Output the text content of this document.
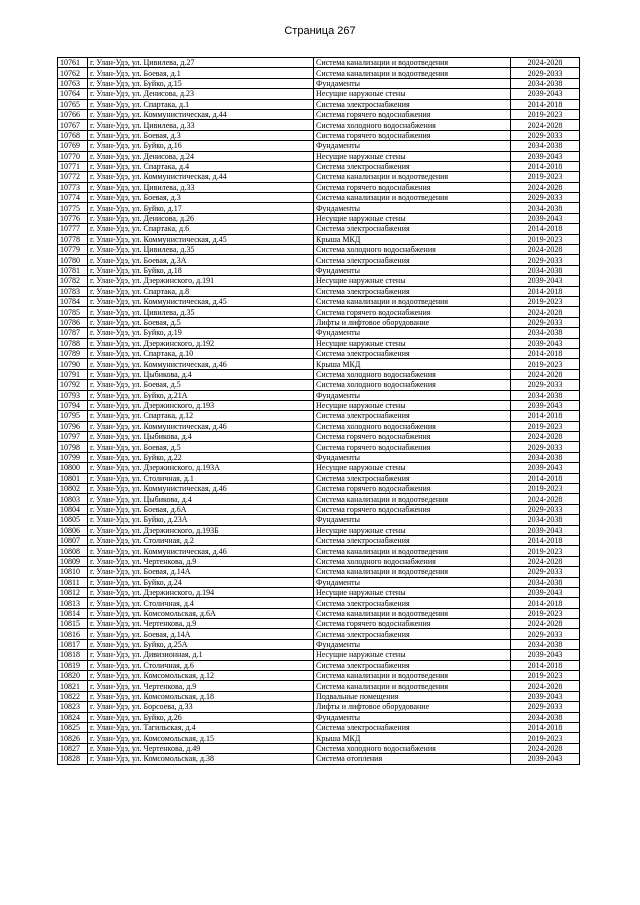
Страница 267
10761	г. Улан-Удэ, ул. Цивилева, д.27	Система канализации и водоотведения	2024-2028
10762	г. Улан-Удэ, ул. Боевая, д.1	Система канализации и водоотведения	2029-2033
10763	г. Улан-Удэ, ул. Буйко, д.15	Фундаменты	2034-2038
10764	г. Улан-Удэ, ул. Денисова, д.23	Несущие наружные стены	2039-2043
10765	г. Улан-Удэ, ул. Спартака, д.1	Система электроснабжения	2014-2018
10766	г. Улан-Удэ, ул. Коммунистическая, д.44	Система горячего водоснабжения	2019-2023
10767	г. Улан-Удэ, ул. Цивилева, д.33	Система холодного водоснабжения	2024-2028
10768	г. Улан-Удэ, ул. Боевая, д.3	Система горячего водоснабжения	2029-2033
10769	г. Улан-Удэ, ул. Буйко, д.16	Фундаменты	2034-2038
10770	г. Улан-Удэ, ул. Денисова, д.24	Несущие наружные стены	2039-2043
10771	г. Улан-Удэ, ул. Спартака, д.4	Система электроснабжения	2014-2018
10772	г. Улан-Удэ, ул. Коммунистическая, д.44	Система канализации и водоотведения	2019-2023
10773	г. Улан-Удэ, ул. Цивилева, д.33	Система горячего водоснабжения	2024-2028
10774	г. Улан-Удэ, ул. Боевая, д.3	Система канализации и водоотведения	2029-2033
10775	г. Улан-Удэ, ул. Буйко, д.17	Фундаменты	2034-2038
10776	г. Улан-Удэ, ул. Денисова, д.26	Несущие наружные стены	2039-2043
10777	г. Улан-Удэ, ул. Спартака, д.6	Система электроснабжения	2014-2018
10778	г. Улан-Удэ, ул. Коммунистическая, д.45	Крыша МКД	2019-2023
10779	г. Улан-Удэ, ул. Цивилева, д.35	Система холодного водоснабжения	2024-2028
10780	г. Улан-Удэ, ул. Боевая, д.3А	Система электроснабжения	2029-2033
10781	г. Улан-Удэ, ул. Буйко, д.18	Фундаменты	2034-2038
10782	г. Улан-Удэ, ул. Дзержинского, д.191	Несущие наружные стены	2039-2043
10783	г. Улан-Удэ, ул. Спартака, д.8	Система электроснабжения	2014-2018
10784	г. Улан-Удэ, ул. Коммунистическая, д.45	Система канализации и водоотведения	2019-2023
10785	г. Улан-Удэ, ул. Цивилева, д.35	Система горячего водоснабжения	2024-2028
10786	г. Улан-Удэ, ул. Боевая, д.5	Лифты и лифтовое оборудование	2029-2033
10787	г. Улан-Удэ, ул. Буйко, д.19	Фундаменты	2034-2038
10788	г. Улан-Удэ, ул. Дзержинского, д.192	Несущие наружные стены	2039-2043
10789	г. Улан-Удэ, ул. Спартака, д.10	Система электроснабжения	2014-2018
10790	г. Улан-Удэ, ул. Коммунистическая, д.46	Крыша МКД	2019-2023
10791	г. Улан-Удэ, ул. Цыбикова, д.4	Система холодного водоснабжения	2024-2028
10792	г. Улан-Удэ, ул. Боевая, д.5	Система холодного водоснабжения	2029-2033
10793	г. Улан-Удэ, ул. Буйко, д.21А	Фундаменты	2034-2038
10794	г. Улан-Удэ, ул. Дзержинского, д.193	Несущие наружные стены	2039-2043
10795	г. Улан-Удэ, ул. Спартака, д.12	Система электроснабжения	2014-2018
10796	г. Улан-Удэ, ул. Коммунистическая, д.46	Система холодного водоснабжения	2019-2023
10797	г. Улан-Удэ, ул. Цыбикова, д.4	Система горячего водоснабжения	2024-2028
10798	г. Улан-Удэ, ул. Боевая, д.5	Система горячего водоснабжения	2029-2033
10799	г. Улан-Удэ, ул. Буйко, д.22	Фундаменты	2034-2038
10800	г. Улан-Удэ, ул. Дзержинского, д.193А	Несущие наружные стены	2039-2043
10801	г. Улан-Удэ, ул. Столичная, д.1	Система электроснабжения	2014-2018
10802	г. Улан-Удэ, ул. Коммунистическая, д.46	Система горячего водоснабжения	2019-2023
10803	г. Улан-Удэ, ул. Цыбикова, д.4	Система канализации и водоотведения	2024-2028
10804	г. Улан-Удэ, ул. Боевая, д.6А	Система горячего водоснабжения	2029-2033
10805	г. Улан-Удэ, ул. Буйко, д.23А	Фундаменты	2034-2038
10806	г. Улан-Удэ, ул. Дзержинского, д.193Б	Несущие наружные стены	2039-2043
10807	г. Улан-Удэ, ул. Столичная, д.2	Система электроснабжения	2014-2018
10808	г. Улан-Удэ, ул. Коммунистическая, д.46	Система канализации и водоотведения	2019-2023
10809	г. Улан-Удэ, ул. Чертенкова, д.9	Система холодного водоснабжения	2024-2028
10810	г. Улан-Удэ, ул. Боевая, д.14А	Система канализации и водоотведения	2029-2033
10811	г. Улан-Удэ, ул. Буйко, д.24	Фундаменты	2034-2038
10812	г. Улан-Удэ, ул. Дзержинского, д.194	Несущие наружные стены	2039-2043
10813	г. Улан-Удэ, ул. Столичная, д.4	Система электроснабжения	2014-2018
10814	г. Улан-Удэ, ул. Комсомольская, д.6А	Система канализации и водоотведения	2019-2023
10815	г. Улан-Удэ, ул. Чертенкова, д.9	Система горячего водоснабжения	2024-2028
10816	г. Улан-Удэ, ул. Боевая, д.14А	Система электроснабжения	2029-2033
10817	г. Улан-Удэ, ул. Буйко, д.25А	Фундаменты	2034-2038
10818	г. Улан-Удэ, ул. Дивизионная, д.1	Несущие наружные стены	2039-2043
10819	г. Улан-Удэ, ул. Столичная, д.6	Система электроснабжения	2014-2018
10820	г. Улан-Удэ, ул. Комсомольская, д.12	Система канализации и водоотведения	2019-2023
10821	г. Улан-Удэ, ул. Чертенкова, д.9	Система канализации и водоотведения	2024-2028
10822	г. Улан-Удэ, ул. Комсомольская, д.18	Подвальные помещения	2039-2043
10823	г. Улан-Удэ, ул. Борсоева, д.33	Лифты и лифтовое оборудование	2029-2033
10824	г. Улан-Удэ, ул. Буйко, д.26	Фундаменты	2034-2038
10825	г. Улан-Удэ, ул. Тагильская, д.4	Система электроснабжения	2014-2018
10826	г. Улан-Удэ, ул. Комсомольская, д.15	Крыша МКД	2019-2023
10827	г. Улан-Удэ, ул. Чертенкова, д.49	Система холодного водоснабжения	2024-2028
10828	г. Улан-Удэ, ул. Комсомольская, д.38	Система отопления	2039-2043
